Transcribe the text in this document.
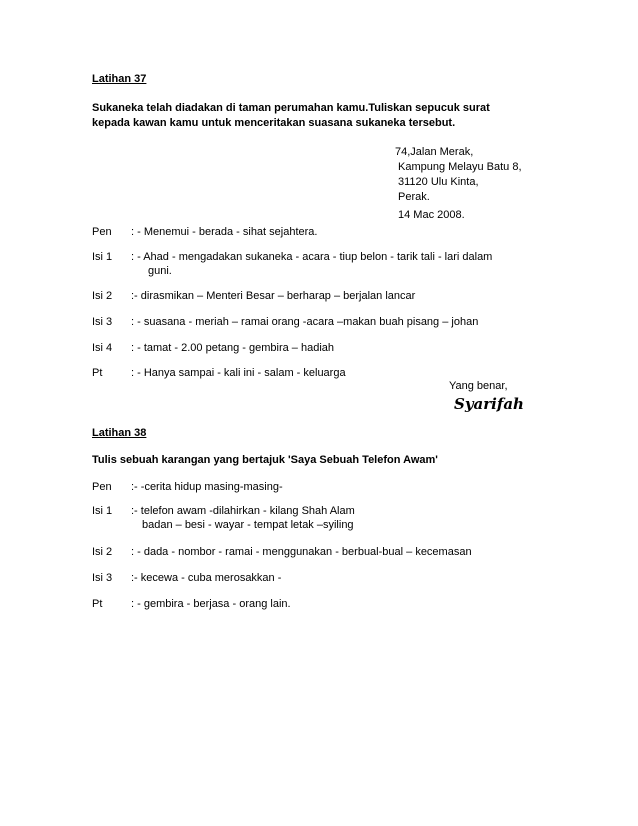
Latihan 37
Sukaneka telah diadakan di taman perumahan kamu.Tuliskan sepucuk surat
kepada kawan kamu untuk menceritakan suasana sukaneka tersebut.
74,Jalan Merak,
Kampung Melayu Batu 8,
31120 Ulu Kinta,
Perak.
14 Mac 2008.
Pen : - Menemui - berada - sihat sejahtera.
Isi 1 : - Ahad - mengadakan sukaneka - acara - tiup belon - tarik tali - lari dalam
guni.
Isi 2 :- dirasmikan – Menteri Besar – berharap – berjalan lancar
Isi 3 : - suasana - meriah – ramai orang -acara –makan buah pisang – johan
Isi 4 : - tamat - 2.00 petang - gembira – hadiah
Pt	: - Hanya sampai - kali ini - salam - keluarga
Yang benar,
Syarifah
Latihan 38
Tulis sebuah karangan yang bertajuk 'Saya Sebuah Telefon Awam'
Pen :- -cerita hidup masing-masing-
Isi 1 :- telefon awam -dilahirkan - kilang Shah Alam
badan – besi - wayar - tempat letak –syiling
Isi 2 : - dada - nombor - ramai - menggunakan - berbual-bual – kecemasan
Isi 3 :- kecewa - cuba merosakkan -
Pt	: - gembira - berjasa - orang lain.
